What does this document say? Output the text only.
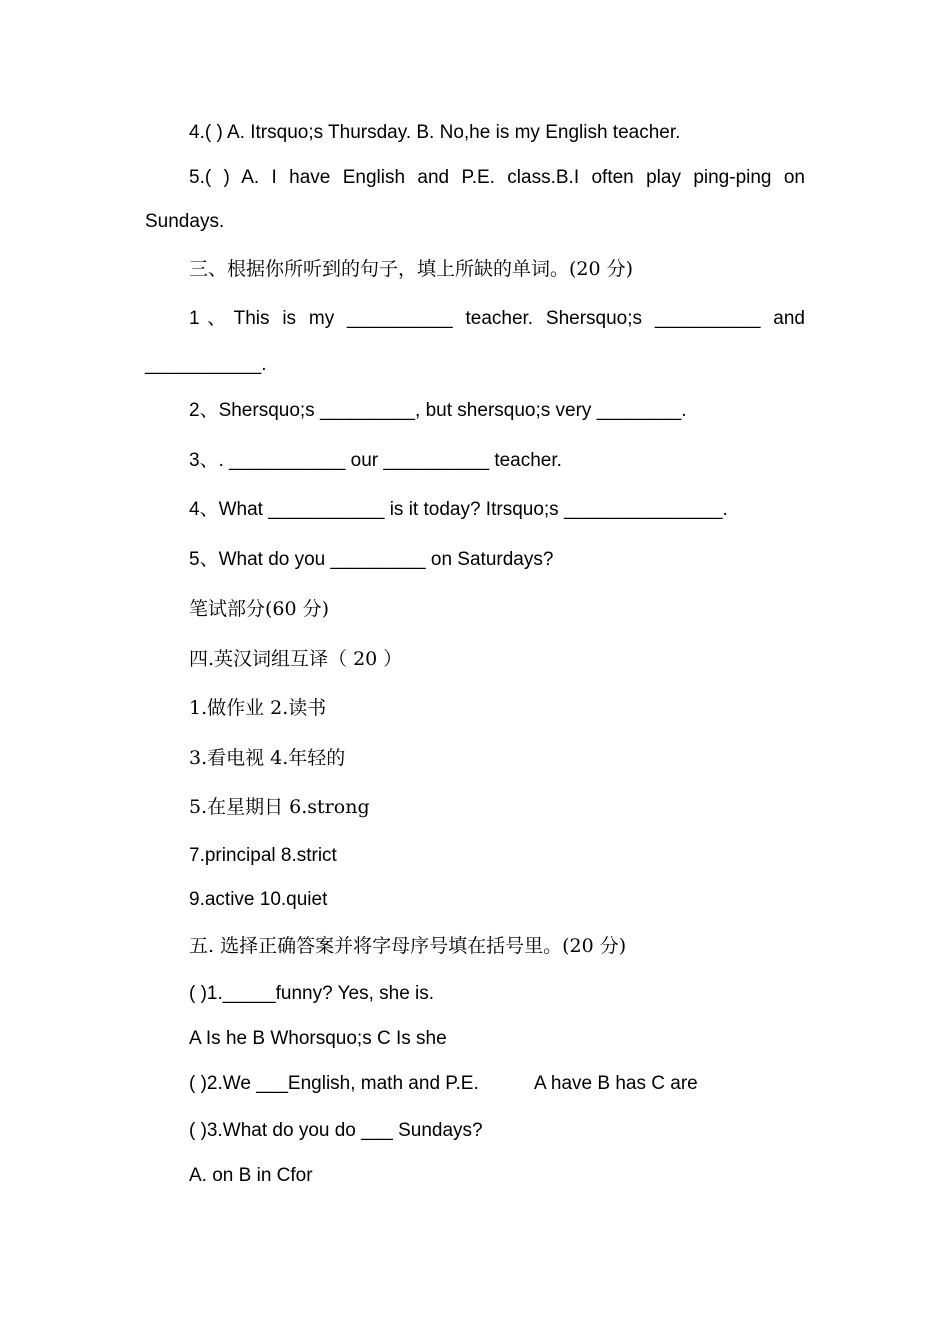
4.( ) A. Itrsquo;s Thursday. B. No,he is my English teacher.
5.( ) A. I have English and P.E. class.B.I often play ping-ping on
Sundays.
三、根据你所听到的句子，填上所缺的单词。(20 分)
1、This is my __________ teacher. Shersquo;s __________ and
___________.
2、Shersquo;s _________, but shersquo;s very ________.
3、. ___________ our __________ teacher.
4、What ___________ is it today? Itrsquo;s _______________.
5、What do you _________ on Saturdays?
笔试部分(60 分)
四.英汉词组互译（ 20 ）
1.做作业 2.读书
3.看电视 4.年轻的
5.在星期日 6.strong
7.principal 8.strict
9.active 10.quiet
五. 选择正确答案并将字母序号填在括号里。(20 分)
( )1._____funny? Yes, she is.
A Is he B Whorsquo;s C Is she
( )2.We ___English, math and P.E.	A have B has C are
( )3.What do you do ___ Sundays?
A. on B in Cfor
